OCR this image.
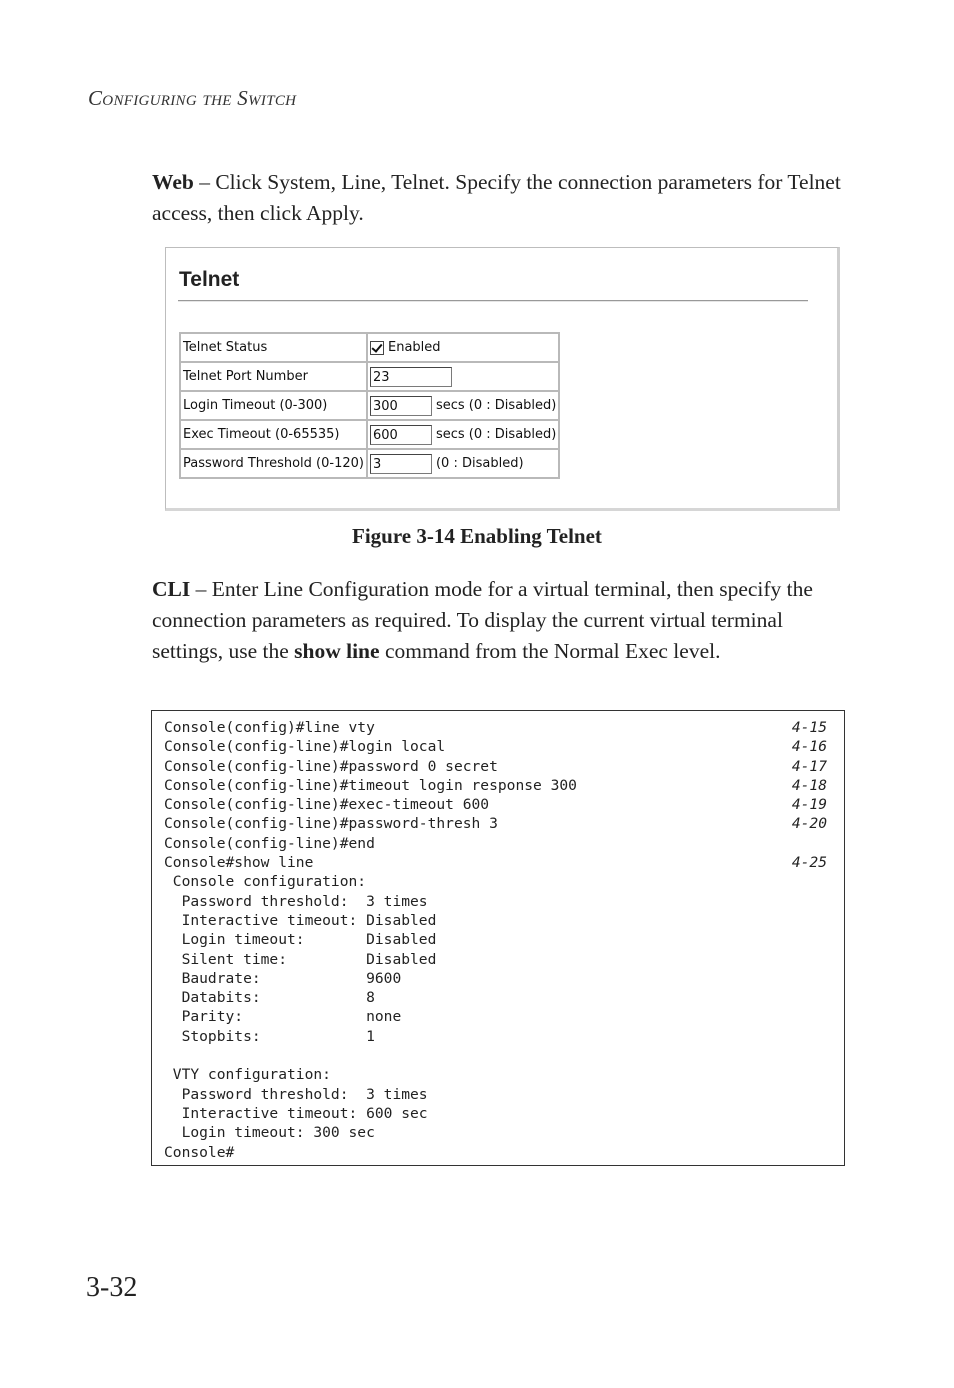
Configuring the Switch
Web – Click System, Line, Telnet. Specify the connection parameters for Telnet access, then click Apply.
Telnet
Telnet Status	Enabled
Telnet Port Number	23
Login Timeout (0-300)	300 secs (0 : Disabled)
Exec Timeout (0-65535)	600 secs (0 : Disabled)
Password Threshold (0-120)	3 (0 : Disabled)
Figure 3-14 Enabling Telnet
CLI – Enter Line Configuration mode for a virtual terminal, then specify the connection parameters as required. To display the current virtual terminal settings, use the show line command from the Normal Exec level.
Console(config)#line vty	4-15
Console(config-line)#login local	4-16
Console(config-line)#password 0 secret	4-17
Console(config-line)#timeout login response 300	4-18
Console(config-line)#exec-timeout 600	4-19
Console(config-line)#password-thresh 3	4-20
Console(config-line)#end
Console#show line	4-25
Console configuration:
Password threshold:  3 times
Interactive timeout: Disabled
Login timeout:       Disabled
Silent time:         Disabled
Baudrate:            9600
Databits:            8
Parity:              none
Stopbits:            1
VTY configuration:
Password threshold:  3 times
Interactive timeout: 600 sec
Login timeout: 300 sec
Console#
3-32
